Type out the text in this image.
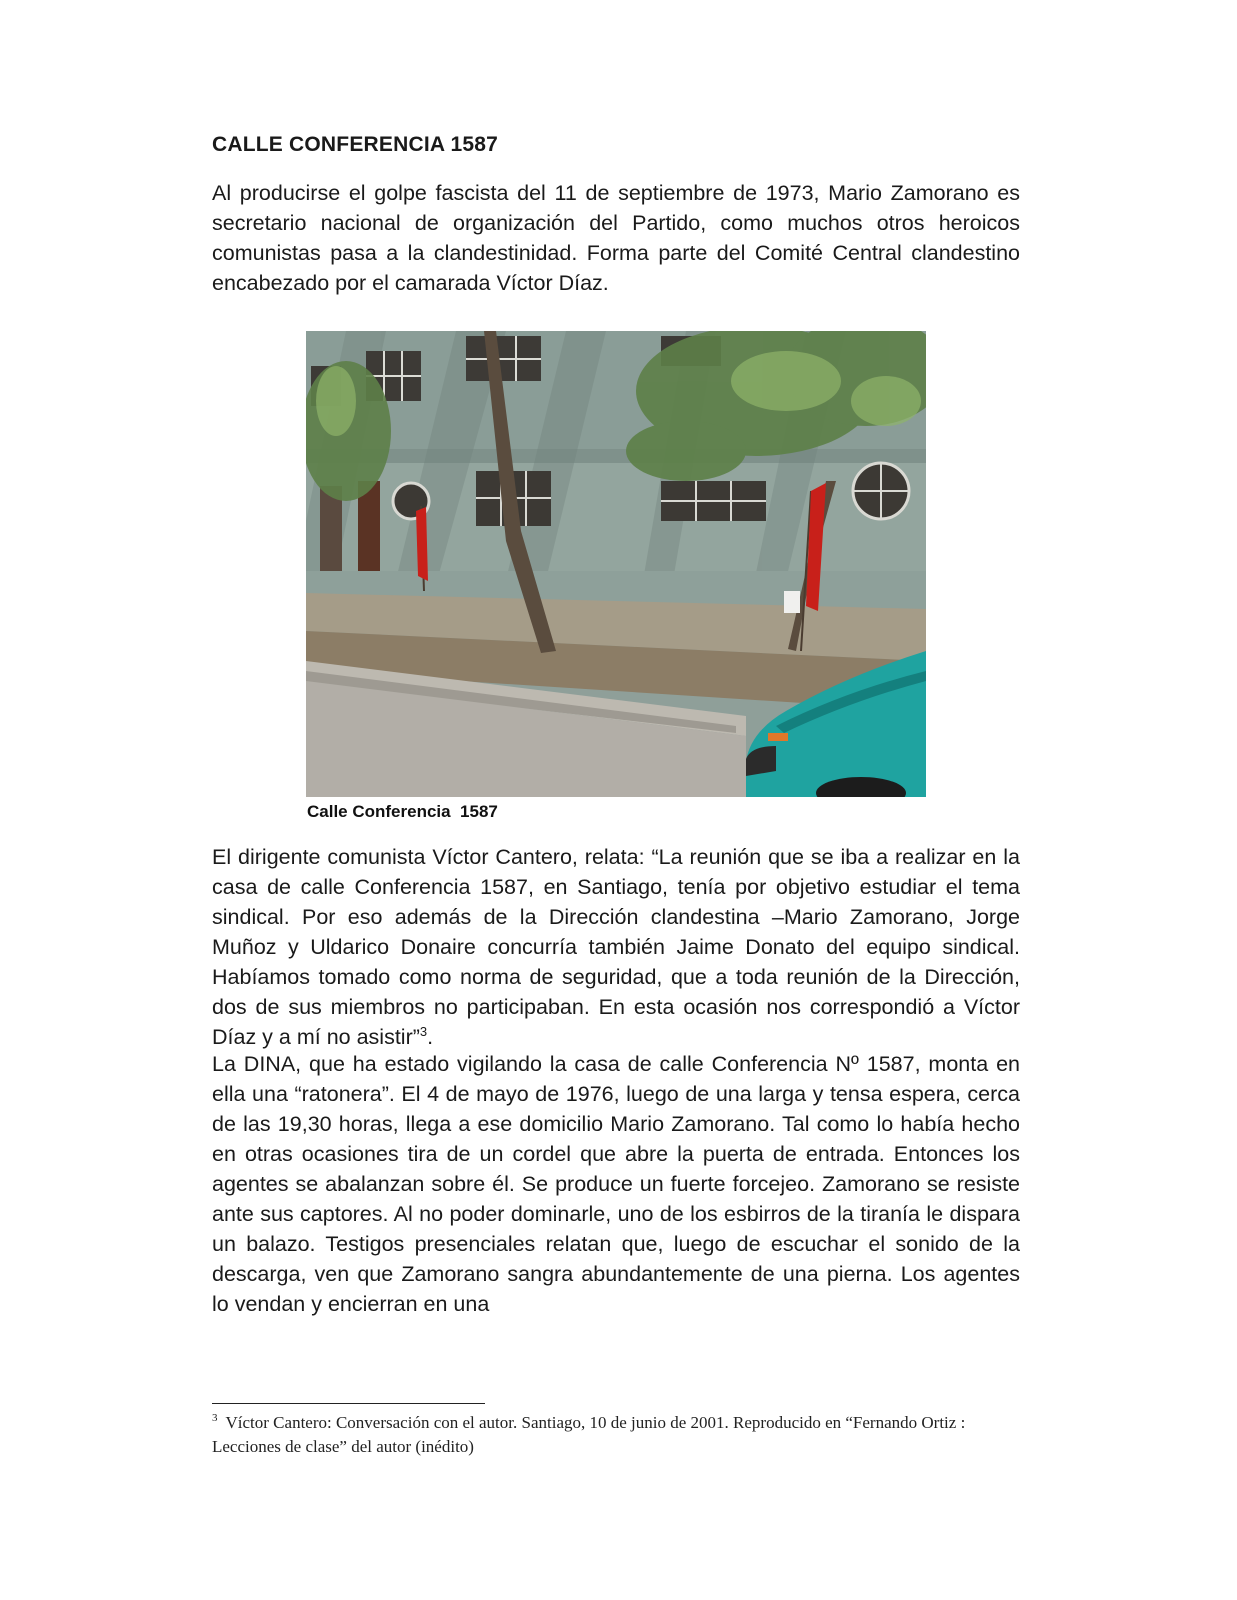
CALLE CONFERENCIA 1587

Al producirse el golpe fascista del 11 de septiembre de 1973, Mario Zamorano es secretario nacional de organización del Partido, como muchos otros heroicos comunistas pasa a la clandestinidad. Forma parte del Comité Central clandestino encabezado por el camarada Víctor Díaz.

Calle Conferencia  1587

El dirigente comunista Víctor Cantero, relata: “La reunión que se iba a realizar en la casa de calle Conferencia 1587, en Santiago, tenía por objetivo estudiar el tema sindical. Por eso además de la Dirección clandestina –Mario Zamorano, Jorge Muñoz y Uldarico Donaire concurría también Jaime Donato del equipo sindical. Habíamos tomado como norma de seguridad, que a toda reunión de la Dirección, dos de sus miembros no participaban. En esta ocasión nos correspondió a Víctor Díaz y a mí no asistir”$^3$.

La DINA, que ha estado vigilando la casa de calle Conferencia Nº 1587, monta en ella una “ratonera”. El 4 de mayo de 1976, luego de una larga y tensa espera, cerca de las 19,30 horas, llega a ese domicilio Mario Zamorano. Tal como lo había hecho en otras ocasiones tira de un cordel que abre la puerta de entrada. Entonces los agentes se abalanzan sobre él. Se produce un fuerte forcejeo. Zamorano se resiste ante sus captores. Al no poder dominarle, uno de los esbirros de la tiranía le dispara un balazo. Testigos presenciales relatan que, luego de escuchar el sonido de la descarga, ven que Zamorano sangra abundantemente de una pierna. Los agentes lo vendan y encierran en una

$^3$ Víctor Cantero: Conversación con el autor. Santiago, 10 de junio de 2001. Reproducido en “Fernando Ortiz : Lecciones de clase” del autor (inédito)
